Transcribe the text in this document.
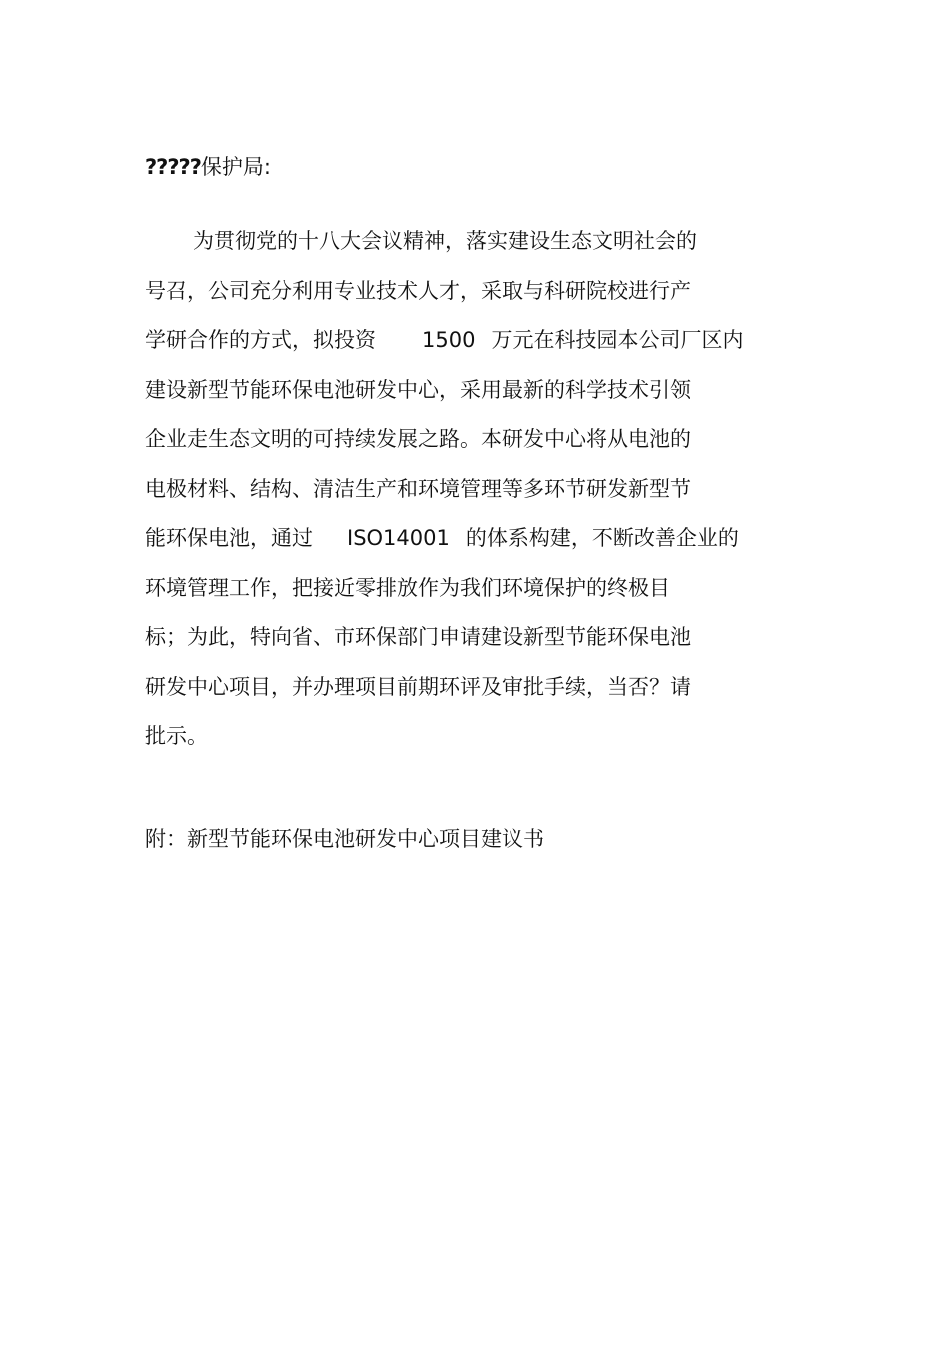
?????保护局:
为贯彻党的十八大会议精神，落实建设生态文明社会的
号召，公司充分利用专业技术人才，采取与科研院校进行产
学研合作的方式，拟投资 1500 万元在科技园本公司厂区内
建设新型节能环保电池研发中心，采用最新的科学技术引领
企业走生态文明的可持续发展之路。本研发中心将从电池的
电极材料、结构、清洁生产和环境管理等多环节研发新型节
能环保电池，通过 ISO14001 的体系构建，不断改善企业的
环境管理工作，把接近零排放作为我们环境保护的终极目
标；为此，特向省、市环保部门申请建设新型节能环保电池
研发中心项目，并办理项目前期环评及审批手续，当否？请
批示。
附：新型节能环保电池研发中心项目建议书
